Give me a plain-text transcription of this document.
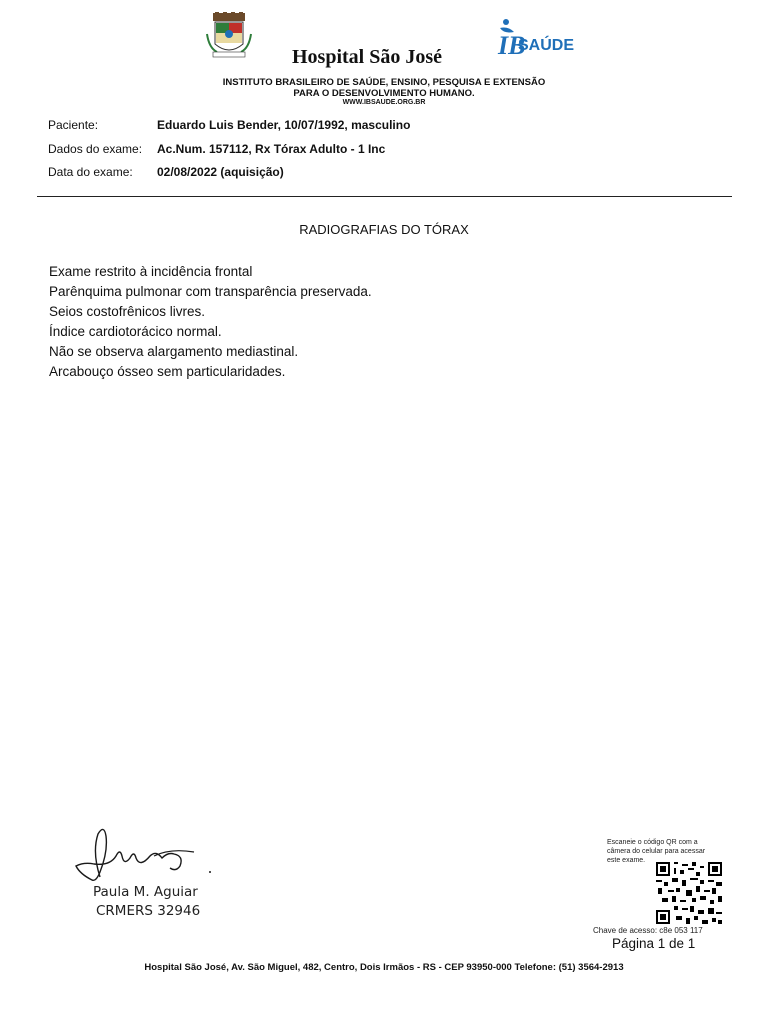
Hospital São José IB
SAÚDE
INSTITUTO BRASILEIRO DE SAÚDE, ENSINO, PESQUISA E EXTENSÃO
PARA O DESENVOLVIMENTO HUMANO.
WWW.IBSAUDE.ORG.BR
Paciente:	Eduardo Luis Bender, 10/07/1992, masculino
Dados do exame: Ac.Num. 157112, Rx Tórax Adulto - 1 Inc
Data do exame: 02/08/2022 (aquisição)
RADIOGRAFIAS DO TÓRAX
Exame restrito à incidência frontal
Parênquima pulmonar com transparência preservada.
Seios costofrênicos livres.
Índice cardiotorácico normal.
Não se observa alargamento mediastinal.
Arcabouço ósseo sem particularidades.
Paula M. Aguiar
CRMERS 32946
Escaneie o código QR com a câmera do celular para acessar este exame.
Chave de acesso: c8e 053 117
Página 1 de 1
Hospital São José, Av. São Miguel, 482, Centro, Dois Irmãos - RS - CEP 93950-000 Telefone: (51) 3564-2913
